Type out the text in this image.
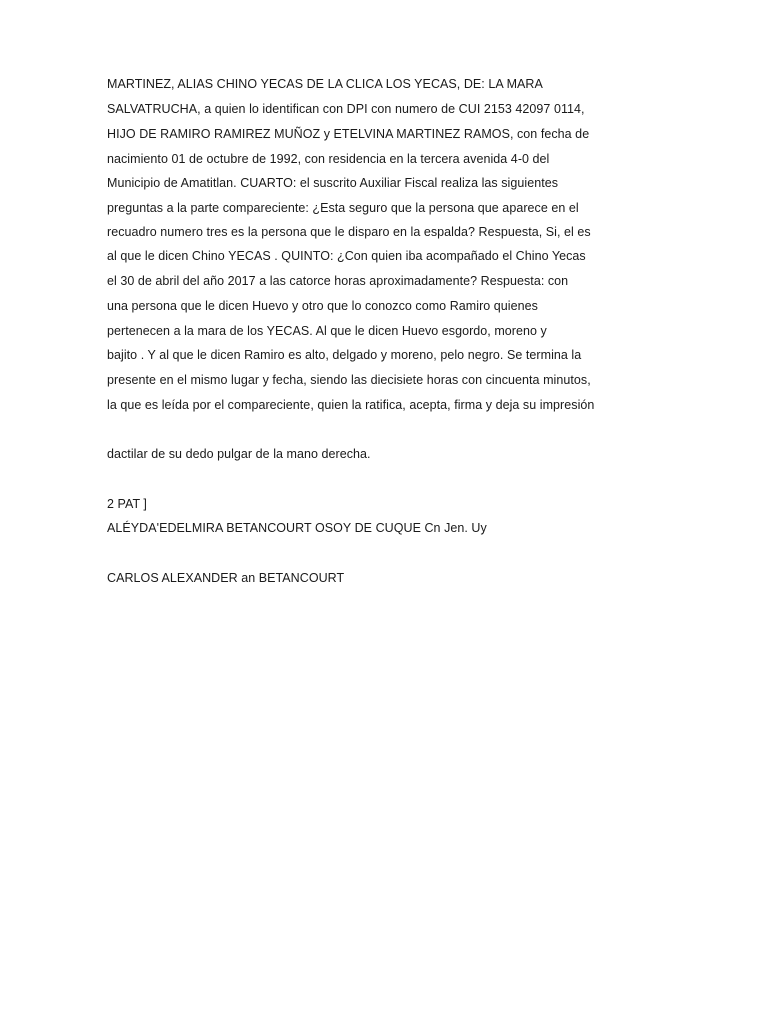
MARTINEZ, ALIAS CHINO YECAS DE LA CLICA LOS YECAS, DE: LA MARA
SALVATRUCHA, a quien lo identifican con DPI con numero de CUI 2153 42097 0114,
HIJO DE RAMIRO RAMIREZ MUÑOZ y ETELVINA MARTINEZ RAMOS, con fecha de
nacimiento 01 de octubre de 1992, con residencia en la tercera avenida 4-0 del
Municipio de Amatitlan. CUARTO: el suscrito Auxiliar Fiscal realiza las siguientes
preguntas a la parte compareciente: ¿Esta seguro que la persona que aparece en el
recuadro numero tres es la persona que le disparo en la espalda? Respuesta, Si, el es
al que le dicen Chino YECAS . QUINTO: ¿Con quien iba acompañado el Chino Yecas
el 30 de abril del año 2017 a las catorce horas aproximadamente? Respuesta: con
una persona que le dicen Huevo y otro que lo conozco como Ramiro quienes
pertenecen a la mara de los YECAS. Al que le dicen Huevo esgordo, moreno y
bajito . Y al que le dicen Ramiro es alto, delgado y moreno, pelo negro. Se termina la
presente en el mismo lugar y fecha, siendo las diecisiete horas con cincuenta minutos,
la que es leída por el compareciente, quien la ratifica, acepta, firma y deja su impresión
dactilar de su dedo pulgar de la mano derecha.
2 PAT ]
ALÉYDA'EDELMIRA BETANCOURT OSOY DE CUQUE Cn Jen. Uy
CARLOS ALEXANDER an BETANCOURT
